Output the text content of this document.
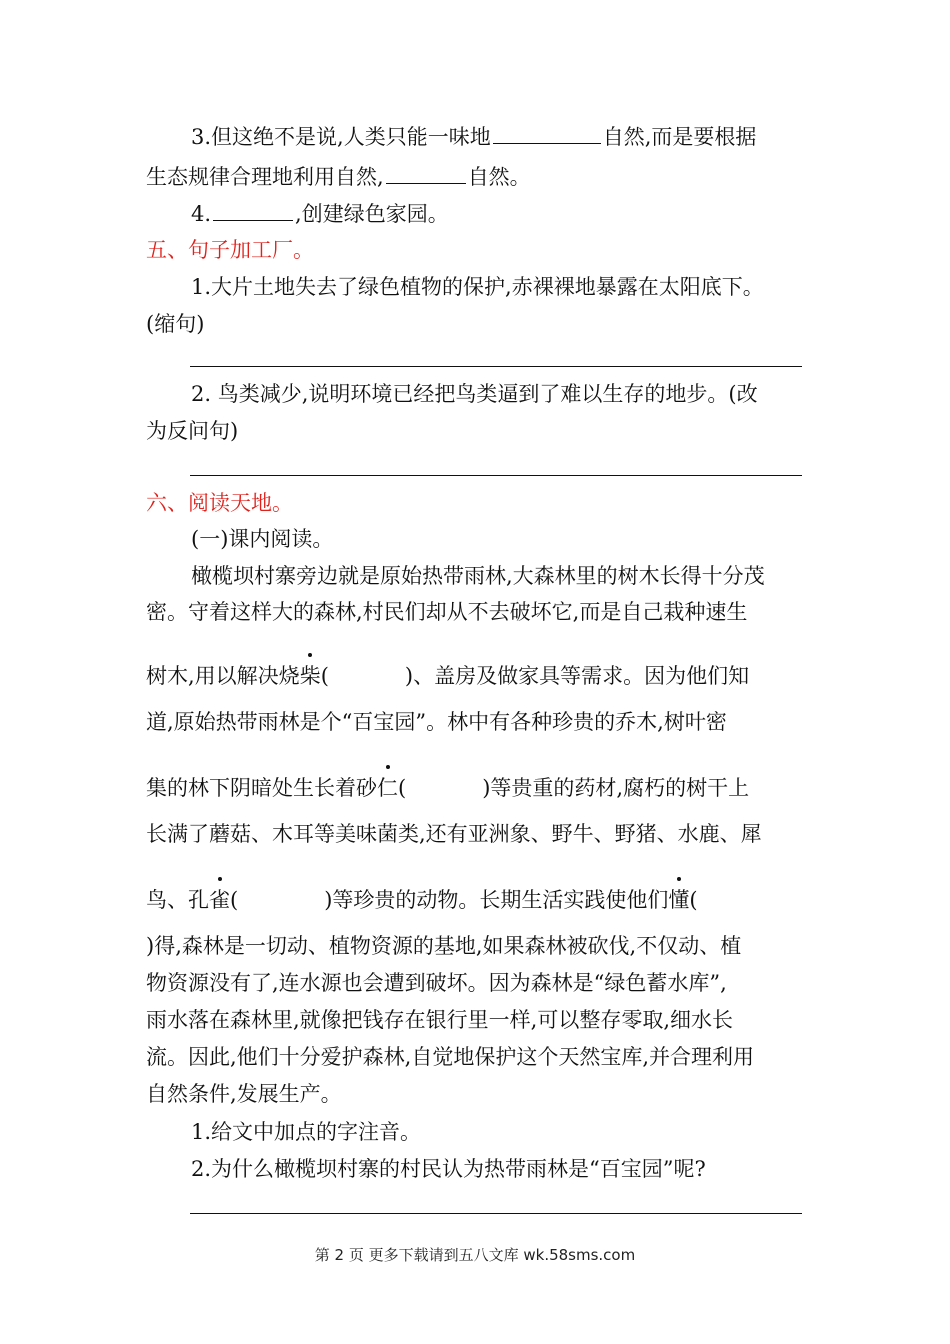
3.但这绝不是说,人类只能一味地	自然,而是要根据
生态规律合理地利用自然,	自然。
4.	,创建绿色家园。
五、句子加工厂。
1.大片土地失去了绿色植物的保护,赤裸裸地暴露在太阳底下。
(缩句)
2. 鸟类减少,说明环境已经把鸟类逼到了难以生存的地步。(改
为反问句)
六、阅读天地。
(一)课内阅读。
橄榄坝村寨旁边就是原始热带雨林,大森林里的树木长得十分茂
密。守着这样大的森林,村民们却从不去破坏它,而是自己栽种速生
树木,用以解决烧柴(	)、盖房及做家具等需求。因为他们知
道,原始热带雨林是个“百宝园”。林中有各种珍贵的乔木,树叶密
集的林下阴暗处生长着砂仁(	)等贵重的药材,腐朽的树干上
长满了蘑菇、木耳等美味菌类,还有亚洲象、野牛、野猪、水鹿、犀
鸟、孔雀(	)等珍贵的动物。长期生活实践使他们懂(
)得,森林是一切动、植物资源的基地,如果森林被砍伐,不仅动、植
物资源没有了,连水源也会遭到破坏。因为森林是“绿色蓄水库”,
雨水落在森林里,就像把钱存在银行里一样,可以整存零取,细水长
流。因此,他们十分爱护森林,自觉地保护这个天然宝库,并合理利用
自然条件,发展生产。
1.给文中加点的字注音。
2.为什么橄榄坝村寨的村民认为热带雨林是“百宝园”呢?
第 2 页 更多下载请到五八文库 wk.58sms.com
